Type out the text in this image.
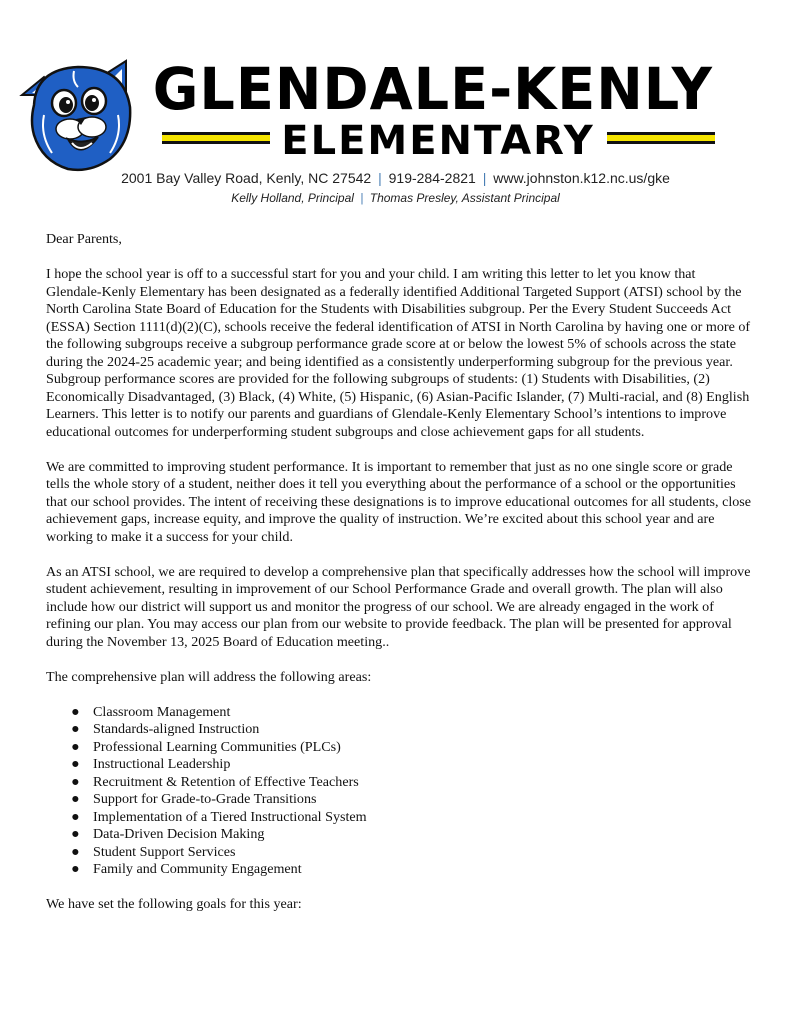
GLENDALE-KENLY
ELEMENTARY
2001 Bay Valley Road, Kenly, NC 27542 | 919-284-2821 | www.johnston.k12.nc.us/gke
Kelly Holland, Principal | Thomas Presley, Assistant Principal

Dear Parents,

I hope the school year is off to a successful start for you and your child. I am writing this letter to let you know that Glendale-Kenly Elementary has been designated as a federally identified Additional Targeted Support (ATSI) school by the North Carolina State Board of Education for the Students with Disabilities subgroup. Per the Every Student Succeeds Act (ESSA) Section 1111(d)(2)(C), schools receive the federal identification of ATSI in North Carolina by having one or more of the following subgroups receive a subgroup performance grade score at or below the lowest 5% of schools across the state during the 2024-25 academic year; and being identified as a consistently underperforming subgroup for the previous year. Subgroup performance scores are provided for the following subgroups of students: (1) Students with Disabilities, (2) Economically Disadvantaged, (3) Black, (4) White, (5) Hispanic, (6) Asian-Pacific Islander, (7) Multi-racial, and (8) English Learners. This letter is to notify our parents and guardians of Glendale-Kenly Elementary School’s intentions to improve educational outcomes for underperforming student subgroups and close achievement gaps for all students.

We are committed to improving student performance. It is important to remember that just as no one single score or grade tells the whole story of a student, neither does it tell you everything about the performance of a school or the opportunities that our school provides. The intent of receiving these designations is to improve educational outcomes for all students, close achievement gaps, increase equity, and improve the quality of instruction. We’re excited about this school year and are working to make it a success for your child.

As an ATSI school, we are required to develop a comprehensive plan that specifically addresses how the school will improve student achievement, resulting in improvement of our School Performance Grade and overall growth. The plan will also include how our district will support us and monitor the progress of our school. We are already engaged in the work of refining our plan. You may access our plan from our website to provide feedback. The plan will be presented for approval during the November 13, 2025 Board of Education meeting..

The comprehensive plan will address the following areas:

● Classroom Management
● Standards-aligned Instruction
● Professional Learning Communities (PLCs)
● Instructional Leadership
● Recruitment & Retention of Effective Teachers
● Support for Grade-to-Grade Transitions
● Implementation of a Tiered Instructional System
● Data-Driven Decision Making
● Student Support Services
● Family and Community Engagement

We have set the following goals for this year:
